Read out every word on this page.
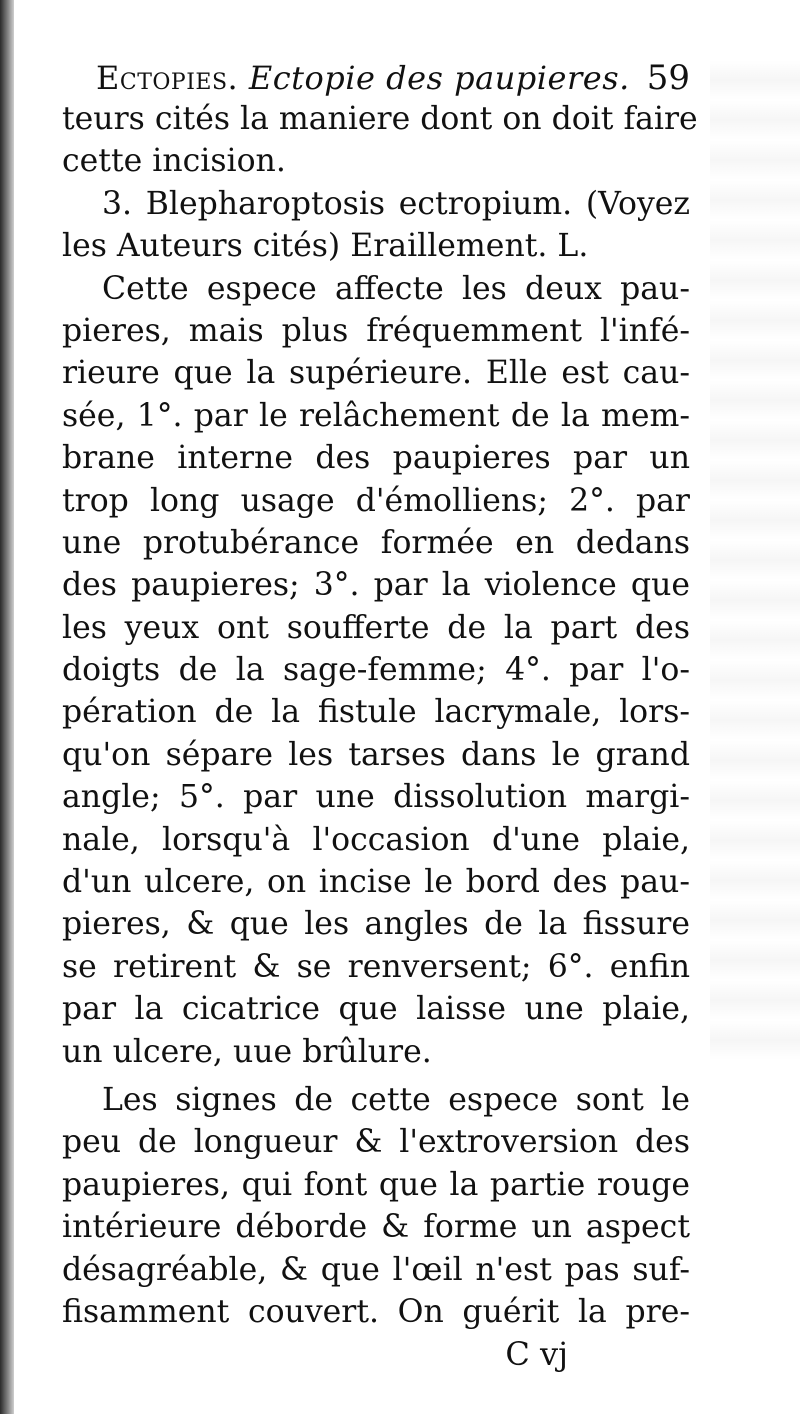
Ectopies. Ectopie des paupieres. 59
teurs cités la maniere dont on doit faire
cette incision.
3. Blepharoptosis ectropium. (Voyez
les Auteurs cités) Eraillement. L.
Cette espece affecte les deux pau-
pieres, mais plus fréquemment l'infé-
rieure que la supérieure. Elle est cau-
sée, 1°. par le relâchement de la mem-
brane interne des paupieres par un
trop long usage d'émolliens; 2°. par
une protubérance formée en dedans
des paupieres; 3°. par la violence que
les yeux ont soufferte de la part des
doigts de la sage-femme; 4°. par l'o-
pération de la fistule lacrymale, lors-
qu'on sépare les tarses dans le grand
angle; 5°. par une dissolution margi-
nale, lorsqu'à l'occasion d'une plaie,
d'un ulcere, on incise le bord des pau-
pieres, & que les angles de la fissure
se retirent & se renversent; 6°. enfin
par la cicatrice que laisse une plaie,
un ulcere, uue brûlure.
Les signes de cette espece sont le
peu de longueur & l'extroversion des
paupieres, qui font que la partie rouge
intérieure déborde & forme un aspect
désagréable, & que l'œil n'est pas suf-
fisamment couvert. On guérit la pre-
C vj
